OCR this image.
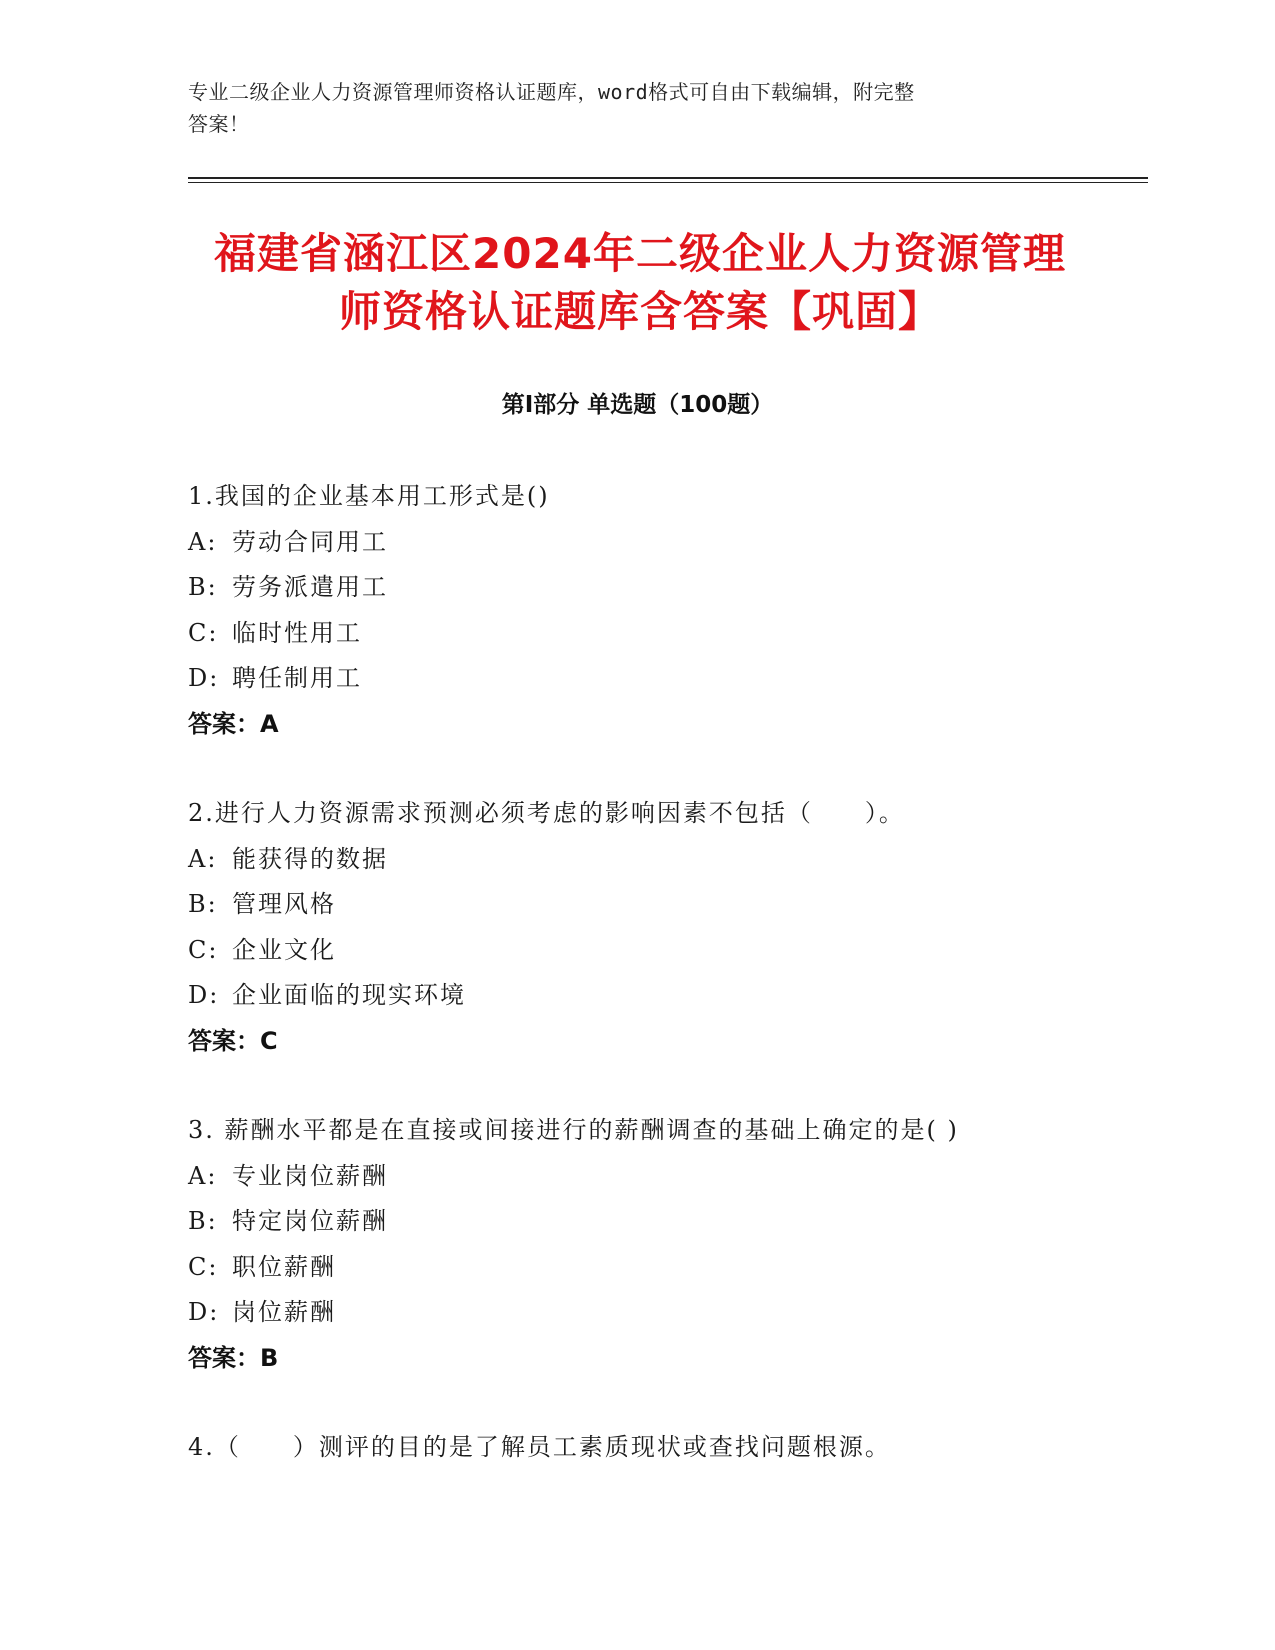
专业二级企业人力资源管理师资格认证题库，word格式可自由下载编辑，附完整
答案！
福建省涵江区2024年二级企业人力资源管理
师资格认证题库含答案【巩固】
第Ⅰ部分 单选题（100题）
1.我国的企业基本用工形式是()
A: 劳动合同用工
B: 劳务派遣用工
C: 临时性用工
D: 聘任制用工
答案：A
2.进行人力资源需求预测必须考虑的影响因素不包括（　　）。
A: 能获得的数据
B: 管理风格
C: 企业文化
D: 企业面临的现实环境
答案：C
3. 薪酬水平都是在直接或间接进行的薪酬调查的基础上确定的是( )
A: 专业岗位薪酬
B: 特定岗位薪酬
C: 职位薪酬
D: 岗位薪酬
答案：B
4.（　　）测评的目的是了解员工素质现状或查找问题根源。
